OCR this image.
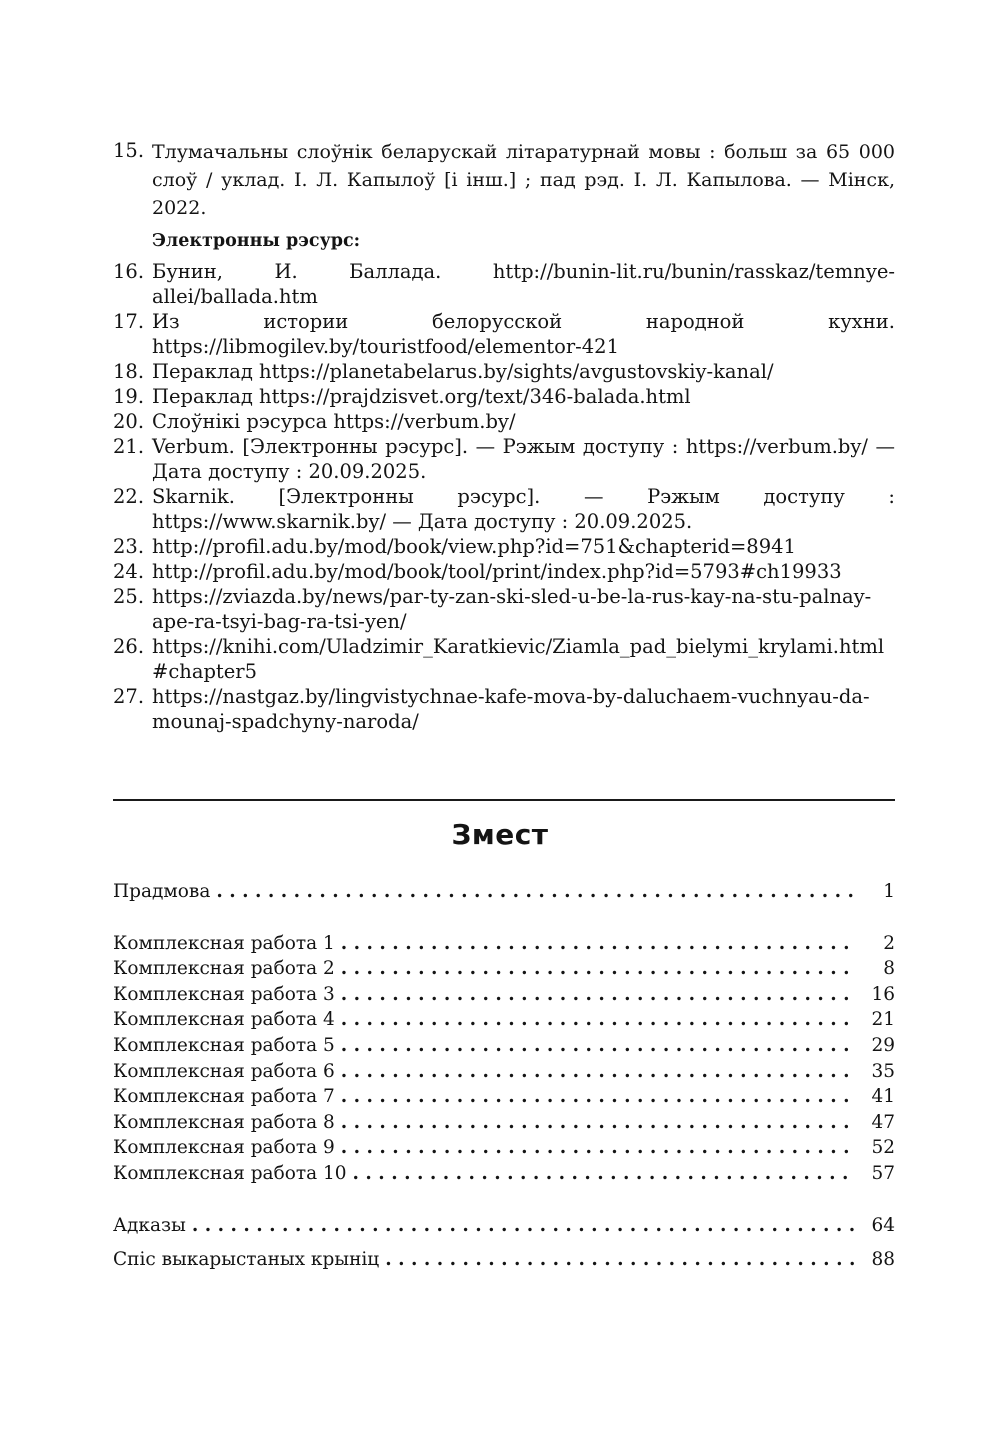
15. Тлумачальны слоўнік беларускай літаратурнай мовы : больш за 65 000 слоў / уклад. І. Л. Капылоў [і інш.] ; пад рэд. І. Л. Капылова. — Мінск, 2022.
Электронны рэсурс:
16. Бунин, И. Баллада. http://bunin-lit.ru/bunin/rasskaz/temnye-allei/ballada.htm
17. Из истории белорусской народной кухни. https://libmogilev.by/touristfood/elementor-421
18. Пераклад https://planetabelarus.by/sights/avgustovskiy-kanal/
19. Пераклад https://prajdzisvet.org/text/346-balada.html
20. Слоўнікі рэсурса https://verbum.by/
21. Verbum. [Электронны рэсурс]. — Рэжым доступу : https://verbum.by/ — Дата доступу : 20.09.2025.
22. Skarnik. [Электронны рэсурс]. — Рэжым доступу : https://www.skarnik.by/ — Дата доступу : 20.09.2025.
23. http://profil.adu.by/mod/book/view.php?id=751&chapterid=8941
24. http://profil.adu.by/mod/book/tool/print/index.php?id=5793#ch19933
25. https://zviazda.by/news/par-ty-zan-ski-sled-u-be-la-rus-kay-na-stu-palnay-ape-ra-tsyi-bag-ra-tsi-yen/
26. https://knihi.com/Uladzimir_Karatkievic/Ziamla_pad_bielymi_krylami.html#chapter5
27. https://nastgaz.by/lingvistychnae-kafe-mova-by-daluchaem-vuchnyau-da-mounaj-spadchyny-naroda/
Змест
Прадмова . . .	1
Комплексная работа 1 . . .	2
Комплексная работа 2 . . .	8
Комплексная работа 3 . . .	16
Комплексная работа 4 . . .	21
Комплексная работа 5 . . .	29
Комплексная работа 6 . . .	35
Комплексная работа 7 . . .	41
Комплексная работа 8 . . .	47
Комплексная работа 9 . . .	52
Комплексная работа 10 . . .	57
Адказы . . .	64
Спіс выкарыстаных крыніц . . .	88
